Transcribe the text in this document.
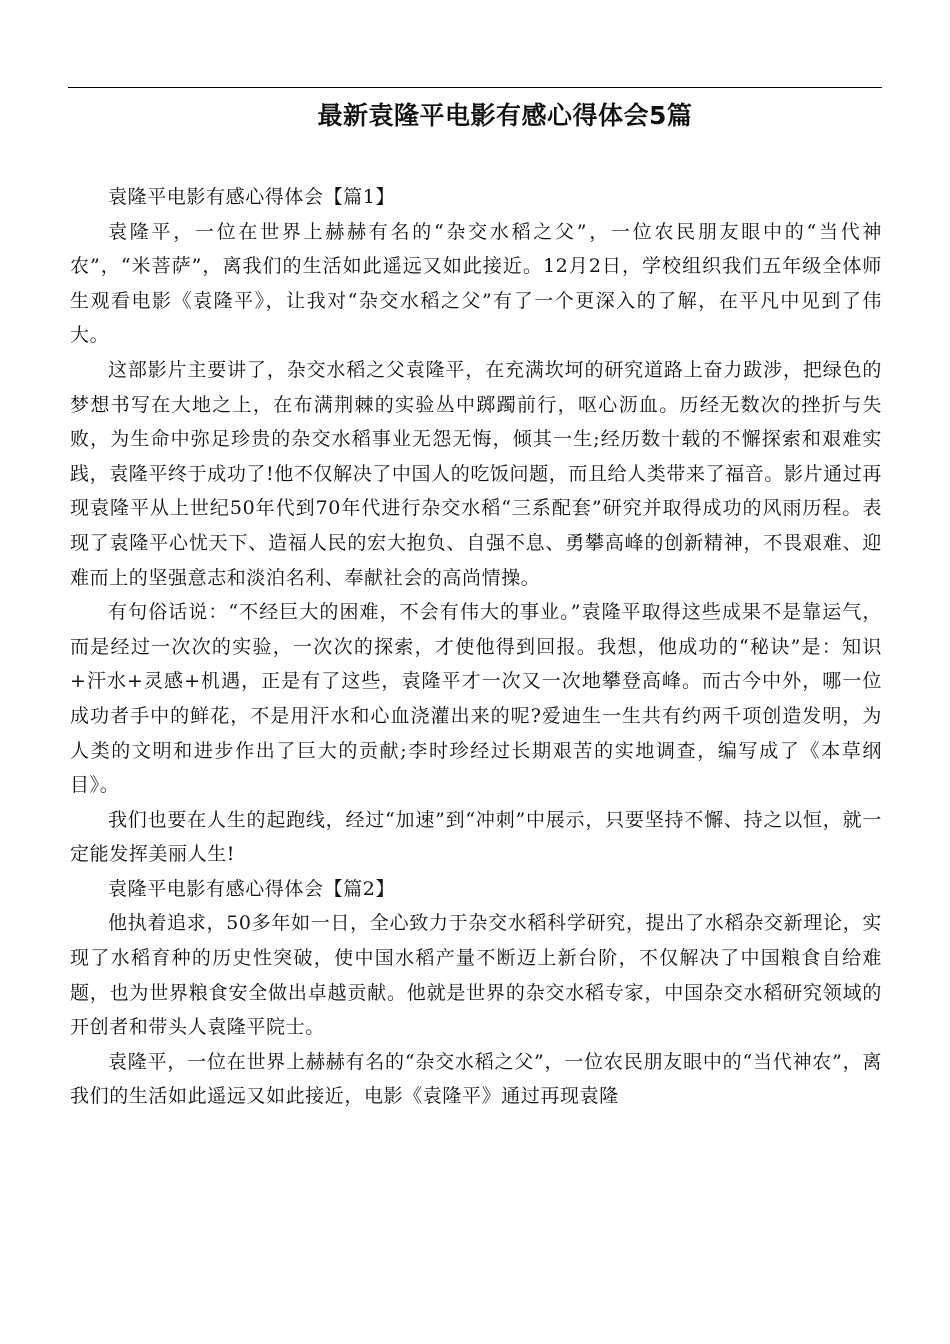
最新袁隆平电影有感心得体会5篇

袁隆平电影有感心得体会【篇1】

袁隆平，一位在世界上赫赫有名的“杂交水稻之父”，一位农民朋友眼中的“当代神农”，“米菩萨”，离我们的生活如此遥远又如此接近。12月2日，学校组织我们五年级全体师生观看电影《袁隆平》，让我对“杂交水稻之父”有了一个更深入的了解，在平凡中见到了伟大。

这部影片主要讲了，杂交水稻之父袁隆平，在充满坎坷的研究道路上奋力跋涉，把绿色的梦想书写在大地之上，在布满荆棘的实验丛中踯躅前行，呕心沥血。历经无数次的挫折与失败，为生命中弥足珍贵的杂交水稻事业无怨无悔，倾其一生;经历数十载的不懈探索和艰难实践，袁隆平终于成功了!他不仅解决了中国人的吃饭问题，而且给人类带来了福音。影片通过再现袁隆平从上世纪50年代到70年代进行杂交水稻“三系配套”研究并取得成功的风雨历程。表现了袁隆平心忧天下、造福人民的宏大抱负、自强不息、勇攀高峰的创新精神，不畏艰难、迎难而上的坚强意志和淡泊名利、奉献社会的高尚情操。

有句俗话说：“不经巨大的困难，不会有伟大的事业。”袁隆平取得这些成果不是靠运气，而是经过一次次的实验，一次次的探索，才使他得到回报。我想，他成功的“秘诀”是：知识+汗水+灵感+机遇，正是有了这些，袁隆平才一次又一次地攀登高峰。而古今中外，哪一位成功者手中的鲜花，不是用汗水和心血浇灌出来的呢?爱迪生一生共有约两千项创造发明，为人类的文明和进步作出了巨大的贡献;李时珍经过长期艰苦的实地调查，编写成了《本草纲目》。

我们也要在人生的起跑线，经过“加速”到“冲刺”中展示，只要坚持不懈、持之以恒，就一定能发挥美丽人生!

袁隆平电影有感心得体会【篇2】

他执着追求，50多年如一日，全心致力于杂交水稻科学研究，提出了水稻杂交新理论，实现了水稻育种的历史性突破，使中国水稻产量不断迈上新台阶，不仅解决了中国粮食自给难题，也为世界粮食安全做出卓越贡献。他就是世界的杂交水稻专家，中国杂交水稻研究领域的开创者和带头人袁隆平院士。

袁隆平，一位在世界上赫赫有名的“杂交水稻之父”，一位农民朋友眼中的“当代神农”，离我们的生活如此遥远又如此接近，电影《袁隆平》通过再现袁隆
